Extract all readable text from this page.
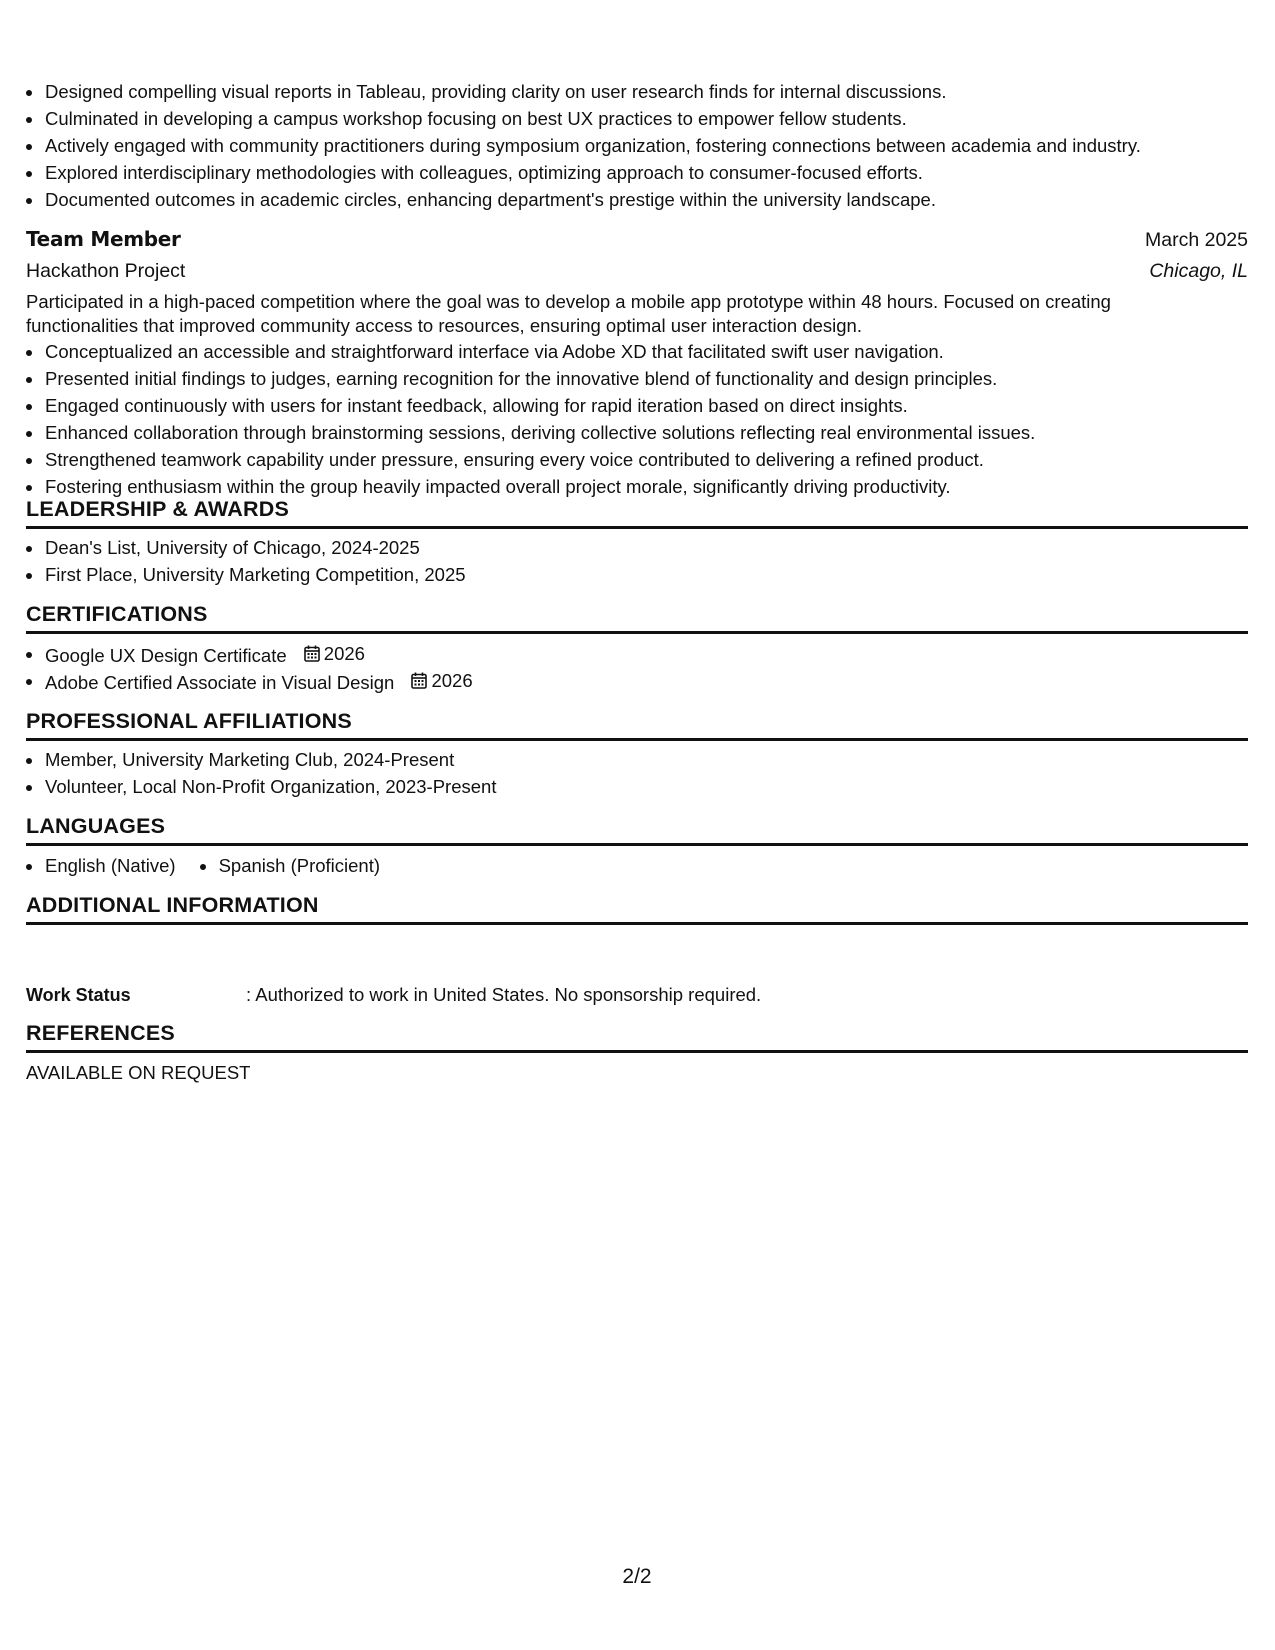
Designed compelling visual reports in Tableau, providing clarity on user research finds for internal discussions.
Culminated in developing a campus workshop focusing on best UX practices to empower fellow students.
Actively engaged with community practitioners during symposium organization, fostering connections between academia and industry.
Explored interdisciplinary methodologies with colleagues, optimizing approach to consumer-focused efforts.
Documented outcomes in academic circles, enhancing department's prestige within the university landscape.
Team Member	March 2025
Hackathon Project	Chicago, IL

Participated in a high-paced competition where the goal was to develop a mobile app prototype within 48 hours. Focused on creating functionalities that improved community access to resources, ensuring optimal user interaction design.

Conceptualized an accessible and straightforward interface via Adobe XD that facilitated swift user navigation.
Presented initial findings to judges, earning recognition for the innovative blend of functionality and design principles.
Engaged continuously with users for instant feedback, allowing for rapid iteration based on direct insights.
Enhanced collaboration through brainstorming sessions, deriving collective solutions reflecting real environmental issues.
Strengthened teamwork capability under pressure, ensuring every voice contributed to delivering a refined product.
Fostering enthusiasm within the group heavily impacted overall project morale, significantly driving productivity.
LEADERSHIP & AWARDS
Dean's List, University of Chicago, 2024-2025
First Place, University Marketing Competition, 2025
CERTIFICATIONS
Google UX Design Certificate 2026
Adobe Certified Associate in Visual Design 2026
PROFESSIONAL AFFILIATIONS
Member, University Marketing Club, 2024-Present
Volunteer, Local Non-Profit Organization, 2023-Present
LANGUAGES
English (Native)	Spanish (Proficient)
ADDITIONAL INFORMATION
Work Status	: Authorized to work in United States. No sponsorship required.
REFERENCES
AVAILABLE ON REQUEST
2/2
